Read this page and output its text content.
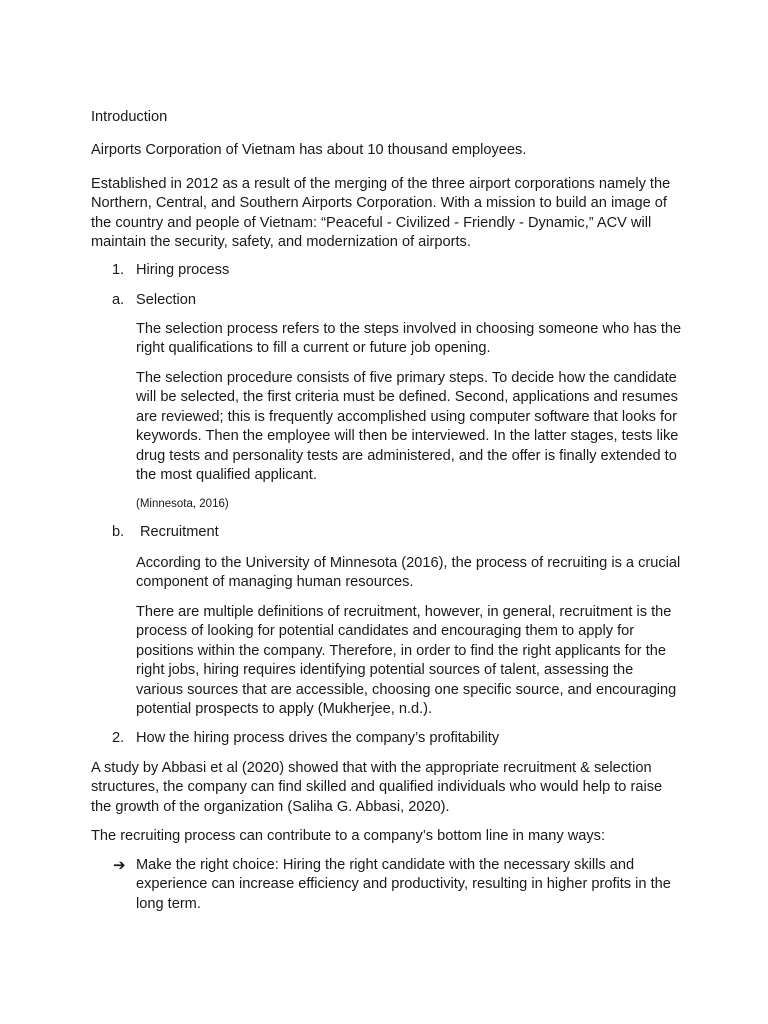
Introduction

Airports Corporation of Vietnam has about 10 thousand employees.

Established in 2012 as a result of the merging of the three airport corporations namely the Northern, Central, and Southern Airports Corporation. With a mission to build an image of the country and people of Vietnam: “Peaceful - Civilized - Friendly - Dynamic,” ACV will maintain the security, safety, and modernization of airports.

1. Hiring process

a. Selection

The selection process refers to the steps involved in choosing someone who has the right qualifications to fill a current or future job opening.

The selection procedure consists of five primary steps. To decide how the candidate will be selected, the first criteria must be defined. Second, applications and resumes are reviewed; this is frequently accomplished using computer software that looks for keywords. Then the employee will then be interviewed. In the latter stages, tests like drug tests and personality tests are administered, and the offer is finally extended to the most qualified applicant.

(Minnesota, 2016)

b. Recruitment

According to the University of Minnesota (2016), the process of recruiting is a crucial component of managing human resources.

There are multiple definitions of recruitment, however, in general, recruitment is the process of looking for potential candidates and encouraging them to apply for positions within the company. Therefore, in order to find the right applicants for the right jobs, hiring requires identifying potential sources of talent, assessing the various sources that are accessible, choosing one specific source, and encouraging potential prospects to apply (Mukherjee, n.d.).

2. How the hiring process drives the company’s profitability

A study by Abbasi et al (2020) showed that with the appropriate recruitment & selection structures, the company can find skilled and qualified individuals who would help to raise the growth of the organization (Saliha G. Abbasi, 2020).

The recruiting process can contribute to a company’s bottom line in many ways:

➔ Make the right choice: Hiring the right candidate with the necessary skills and experience can increase efficiency and productivity, resulting in higher profits in the long term.
